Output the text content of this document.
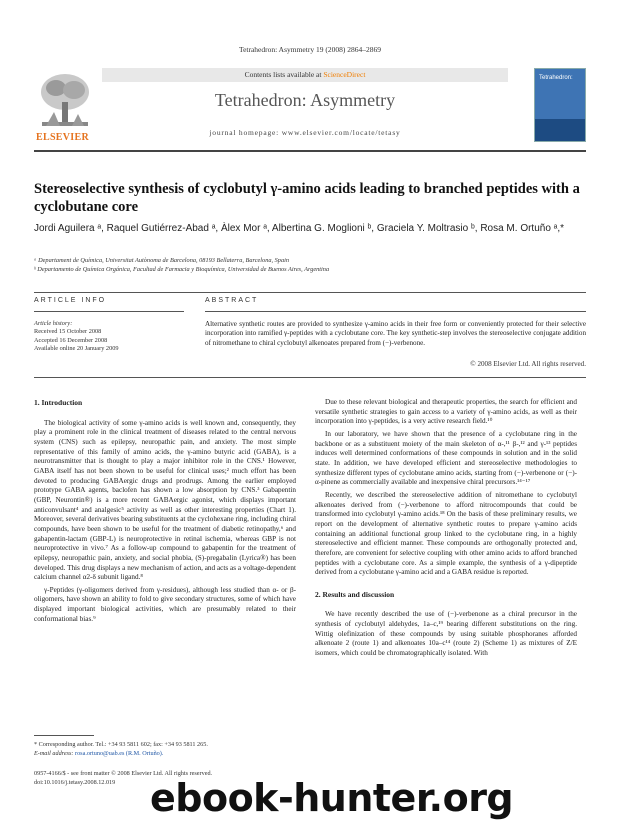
Tetrahedron: Asymmetry 19 (2008) 2864–2869
ELSEVIER
Contents lists available at ScienceDirect
Tetrahedron: Asymmetry
journal homepage: www.elsevier.com/locate/tetasy
Tetrahedron:
Stereoselective synthesis of cyclobutyl γ-amino acids leading to branched peptides with a cyclobutane core
Jordi Aguilera ᵃ, Raquel Gutiérrez-Abad ᵃ, Àlex Mor ᵃ, Albertina G. Moglioni ᵇ, Graciela Y. Moltrasio ᵇ, Rosa M. Ortuño ᵃ,*
ᵃ Departament de Química, Universitat Autònoma de Barcelona, 08193 Bellaterra, Barcelona, Spain
ᵇ Departamento de Química Orgánica, Facultad de Farmacia y Bioquímica, Universidad de Buenos Aires, Argentina
ARTICLE INFO	ABSTRACT
Article history:
Received 15 October 2008
Accepted 16 December 2008
Available online 20 January 2009
Alternative synthetic routes are provided to synthesize γ-amino acids in their free form or conveniently protected for their selective incorporation into ramified γ-peptides with a cyclobutane core. The key synthetic-step involves the stereoselective conjugate addition of nitromethane to chiral cyclobutyl alkenoates prepared from (−)-verbenone.
© 2008 Elsevier Ltd. All rights reserved.
1. Introduction

The biological activity of some γ-amino acids is well known and, consequently, they play a prominent role in the clinical treatment of diseases related to the central nervous system (CNS) such as epilepsy, neuropathic pain, and anxiety. The most simple representative of this family of amino acids, the γ-amino butyric acid (GABA), is a neurotransmitter that is thought to play a major inhibitor role in the CNS.¹ However, GABA itself has not been shown to be useful for clinical uses;² much effort has been devoted to producing GABAergic drugs and prodrugs. Among the earlier employed prototype GABA agents, baclofen has shown a low absorption by CNS.³ Gabapentin (GBP, Neurontin®) is a more recent GABAergic agonist, which displays important anticonvulsant⁴ and analgesic⁵ activity as well as other interesting properties (Chart 1). Moreover, several derivatives bearing substituents at the cyclohexane ring, including chiral compounds, have been shown to be useful for the treatment of diabetic retinopathy,⁶ and gabapentin-lactam (GBP-L) is neuroprotective in retinal ischemia, whereas GBP is not neuroprotective in vivo.⁷ As a follow-up compound to gabapentin for the treatment of epilepsy, neuropathic pain, anxiety, and social phobia, (S)-pregabalin (Lyrica®) has been developed. This drug displays a new mechanism of action, and acts as a voltage-dependent calcium channel α2-δ subunit ligand.⁸

γ-Peptides (γ-oligomers derived from γ-residues), although less studied than α- or β-oligomers, have shown an ability to fold to give secondary structures, some of which have displayed important biological activities, which are presumably related to their conformational bias.⁹

Due to these relevant biological and therapeutic properties, the search for efficient and versatile synthetic strategies to gain access to a variety of γ-amino acids, as well as their incorporation into γ-peptides, is a very active research field.¹⁰

In our laboratory, we have shown that the presence of a cyclobutane ring in the backbone or as a substituent moiety of the main skeleton of α-,¹¹ β-,¹² and γ-¹³ peptides induces well determined conformations of these compounds in solution and in the solid state. In addition, we have developed efficient and stereoselective methodologies to synthesize different types of cyclobutane amino acids, starting from (−)-verbenone or (−)-α-pinene as commercially available and inexpensive chiral precursors.¹⁴⁻¹⁷

Recently, we described the stereoselective addition of nitromethane to cyclobutyl alkenoates derived from (−)-verbenone to afford nitrocompounds that could be transformed into cyclobutyl γ-amino acids.¹⁸ On the basis of these preliminary results, we report on the development of alternative synthetic routes to prepare γ-amino acids containing an additional functional group linked to the cyclobutane ring, in a highly stereoselective and efficient manner. These compounds are orthogonally protected and, therefore, are convenient for selective coupling with other amino acids to afford branched peptides with a cyclobutane core. As a simple example, the synthesis of a γ-dipeptide derived from a cyclobutane γ-amino acid and a GABA residue is reported.

2. Results and discussion

We have recently described the use of (−)-verbenone as a chiral precursor in the synthesis of cyclobutyl aldehydes, 1a–c,¹⁹ bearing different substitutions on the ring. Wittig olefinization of these compounds by using suitable phosphoranes afforded alkenoate 2 (route 1) and alkenoates 10a–c¹⁴ (route 2) (Scheme 1) as mixtures of Z/E isomers, which could be chromatographically isolated. With

* Corresponding author. Tel.: +34 93 5811 602; fax: +34 93 5811 265.
E-mail address: rosa.ortuno@uab.es (R.M. Ortuño).
0957-4166/$ - see front matter © 2008 Elsevier Ltd. All rights reserved.
doi:10.1016/j.tetasy.2008.12.019 ebook-hunter.org
